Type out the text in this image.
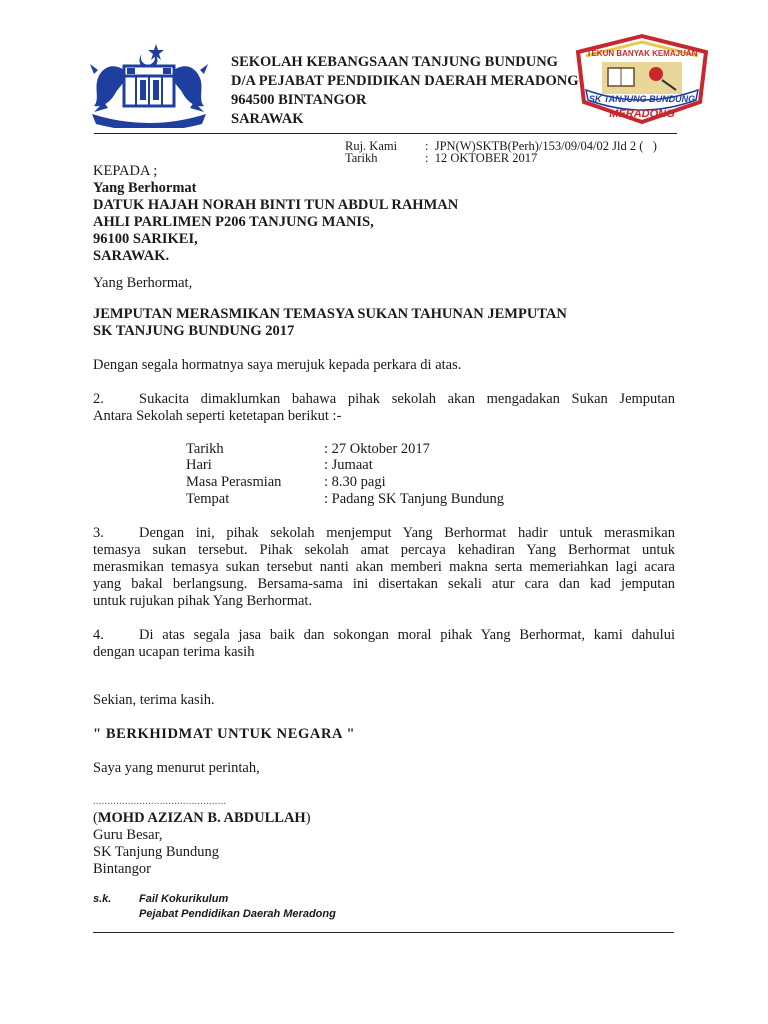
SEKOLAH KEBANGSAAN TANJUNG BUNDUNG
D/A PEJABAT PENDIDIKAN DAERAH MERADONG
964500 BINTANGOR
SARAWAK
TEKUN BANYAK KEMAJUAN
SK TANJUNG BUNDUNG
MERADONG
Ruj. Kami :  JPN(W)SKTB(Perh)/153/09/04/02 Jld 2 (   )
Tarikh	:  12 OKTOBER 2017
KEPADA ;
Yang Berhormat
DATUK HAJAH NORAH BINTI TUN ABDUL RAHMAN
AHLI PARLIMEN P206 TANJUNG MANIS,
96100 SARIKEI,
SARAWAK.
Yang Berhormat,
JEMPUTAN MERASMIKAN TEMASYA SUKAN TAHUNAN JEMPUTAN
SK TANJUNG BUNDUNG 2017
Dengan segala hormatnya saya merujuk kepada perkara di atas.
2. Sukacita dimaklumkan bahawa pihak sekolah akan mengadakan Sukan Jemputan
Antara Sekolah seperti ketetapan berikut :-
Tarikh	: 27 Oktober 2017
Hari	: Jumaat
Masa Perasmian	: 8.30 pagi
Tempat	: Padang SK Tanjung Bundung
3. Dengan ini, pihak sekolah menjemput Yang Berhormat hadir untuk merasmikan
temasya sukan tersebut. Pihak sekolah amat percaya kehadiran Yang Berhormat untuk
merasmikan temasya sukan tersebut nanti akan memberi makna serta memeriahkan lagi acara
yang bakal berlangsung. Bersama-sama ini disertakan sekali atur cara dan kad jemputan
untuk rujukan pihak Yang Berhormat.
4. Di atas segala jasa baik dan sokongan moral pihak Yang Berhormat, kami dahului
dengan ucapan terima kasih
Sekian, terima kasih.
" BERKHIDMAT UNTUK NEGARA "
Saya yang menurut perintah,
..............................................
(MOHD AZIZAN B. ABDULLAH)
Guru Besar,
SK Tanjung Bundung
Bintangor
s.k.	Fail Kokurikulum
Pejabat Pendidikan Daerah Meradong
